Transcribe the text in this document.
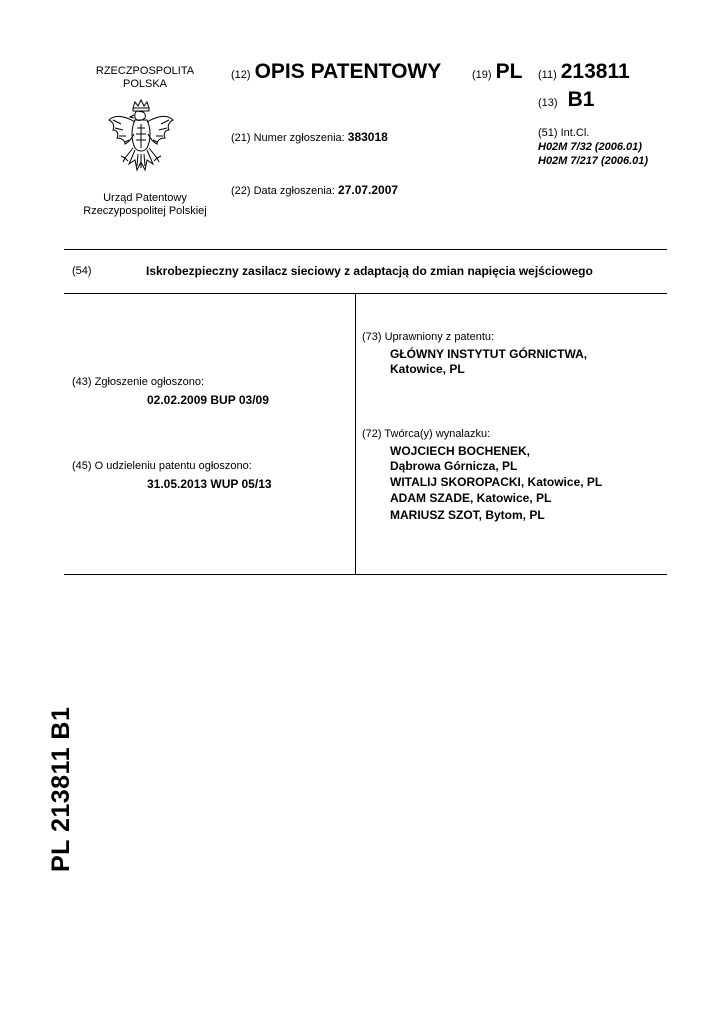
RZECZPOSPOLITA
POLSKA
Urząd Patentowy
Rzeczypospolitej Polskiej
(12) OPIS PATENTOWY	(19) PL (11) 213811
(13) B1
(21) Numer zgłoszenia: 383018
(22) Data zgłoszenia: 27.07.2007
(51) Int.Cl.
H02M 7/32 (2006.01)
H02M 7/217 (2006.01)
(54)	Iskrobezpieczny zasilacz sieciowy z adaptacją do zmian napięcia wejściowego
(43) Zgłoszenie ogłoszono:
02.02.2009 BUP 03/09
(45) O udzieleniu patentu ogłoszono:
31.05.2013 WUP 05/13
(73) Uprawniony z patentu:
GŁÓWNY INSTYTUT GÓRNICTWA,
Katowice, PL
(72) Twórca(y) wynalazku:
WOJCIECH BOCHENEK,
Dąbrowa Górnicza, PL
WITALIJ SKOROPACKI, Katowice, PL
ADAM SZADE, Katowice, PL
MARIUSZ SZOT, Bytom, PL
PL 213811 B1
